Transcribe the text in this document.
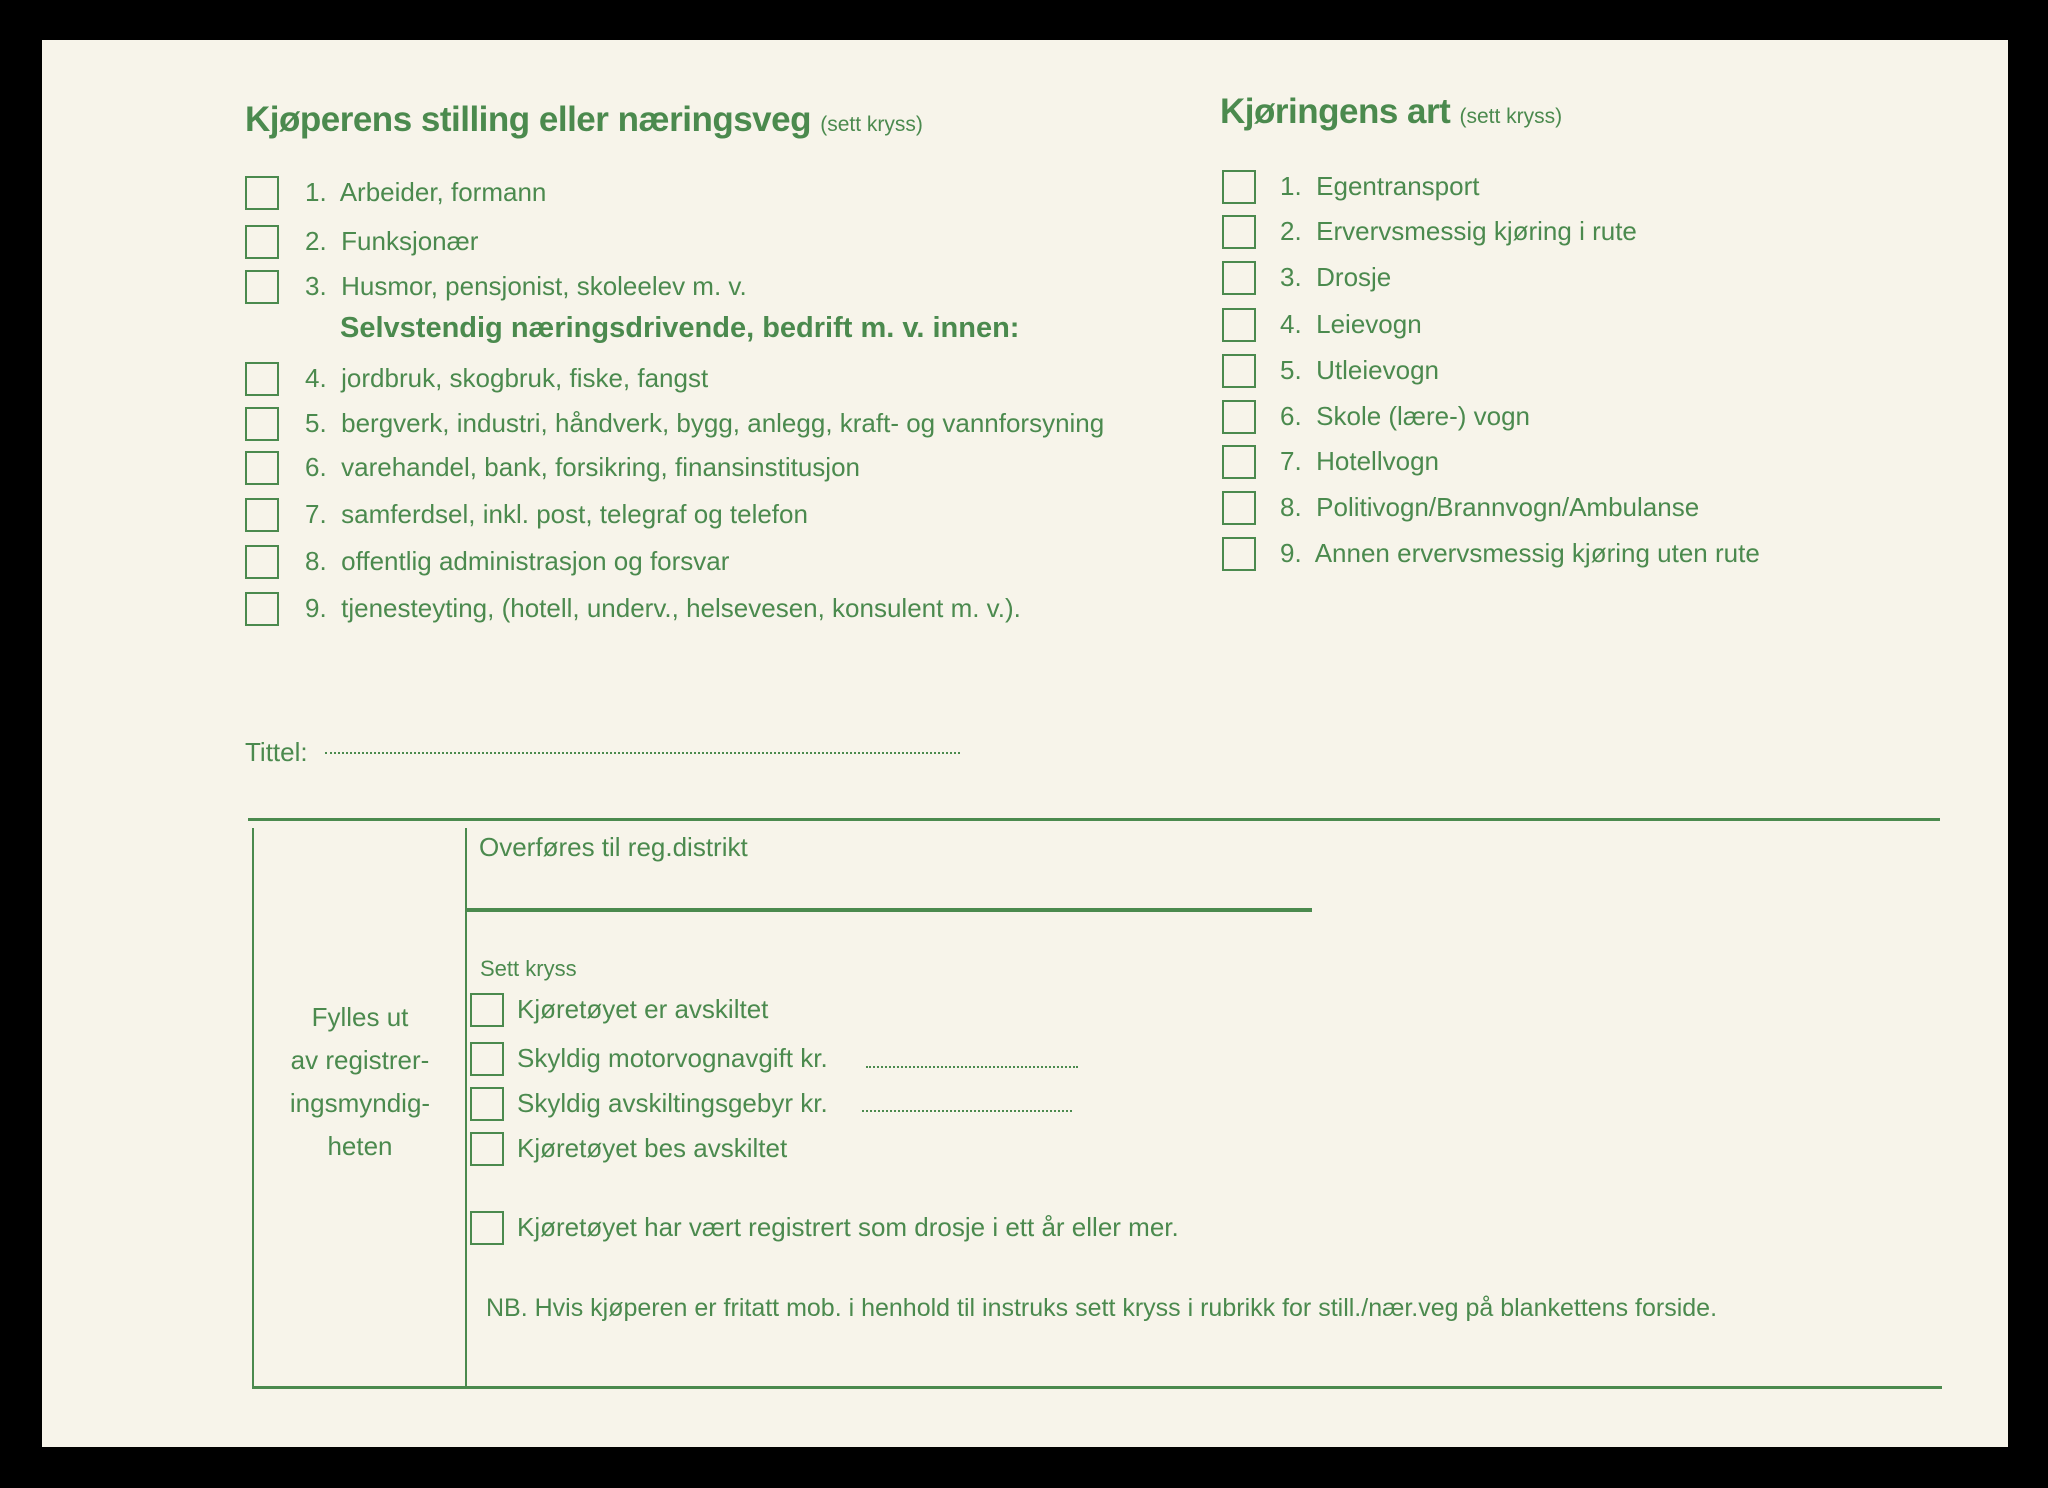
Kjøperens stilling eller næringsveg (sett kryss)
1. Arbeider, formann
2. Funksjonær
3. Husmor, pensjonist, skoleelev m. v.
4. jordbruk, skogbruk, fiske, fangst
5. bergverk, industri, håndverk, bygg, anlegg, kraft- og vannforsyning
6. varehandel, bank, forsikring, finansinstitusjon
7. samferdsel, inkl. post, telegraf og telefon
8. offentlig administrasjon og forsvar
9. tjenesteyting, (hotell, underv., helsevesen, konsulent m. v.).
Selvstendig næringsdrivende, bedrift m. v. innen:
Kjøringens art (sett kryss)
1. Egentransport
2. Ervervsmessig kjøring i rute
3. Drosje
4. Leievogn
5. Utleievogn
6. Skole (lære-) vogn
7. Hotellvogn
8. Politivogn/Brannvogn/Ambulanse
9. Annen ervervsmessig kjøring uten rute
Tittel:
Fylles ut
av registrer-
ingsmyndig-
heten
Overføres til reg.distrikt
Sett kryss
Kjøretøyet er avskiltet
Skyldig motorvognavgift kr.
Skyldig avskiltingsgebyr kr.
Kjøretøyet bes avskiltet
Kjøretøyet har vært registrert som drosje i ett år eller mer.
NB. Hvis kjøperen er fritatt mob. i henhold til instruks sett kryss i rubrikk for still./nær.veg på blankettens forside.
